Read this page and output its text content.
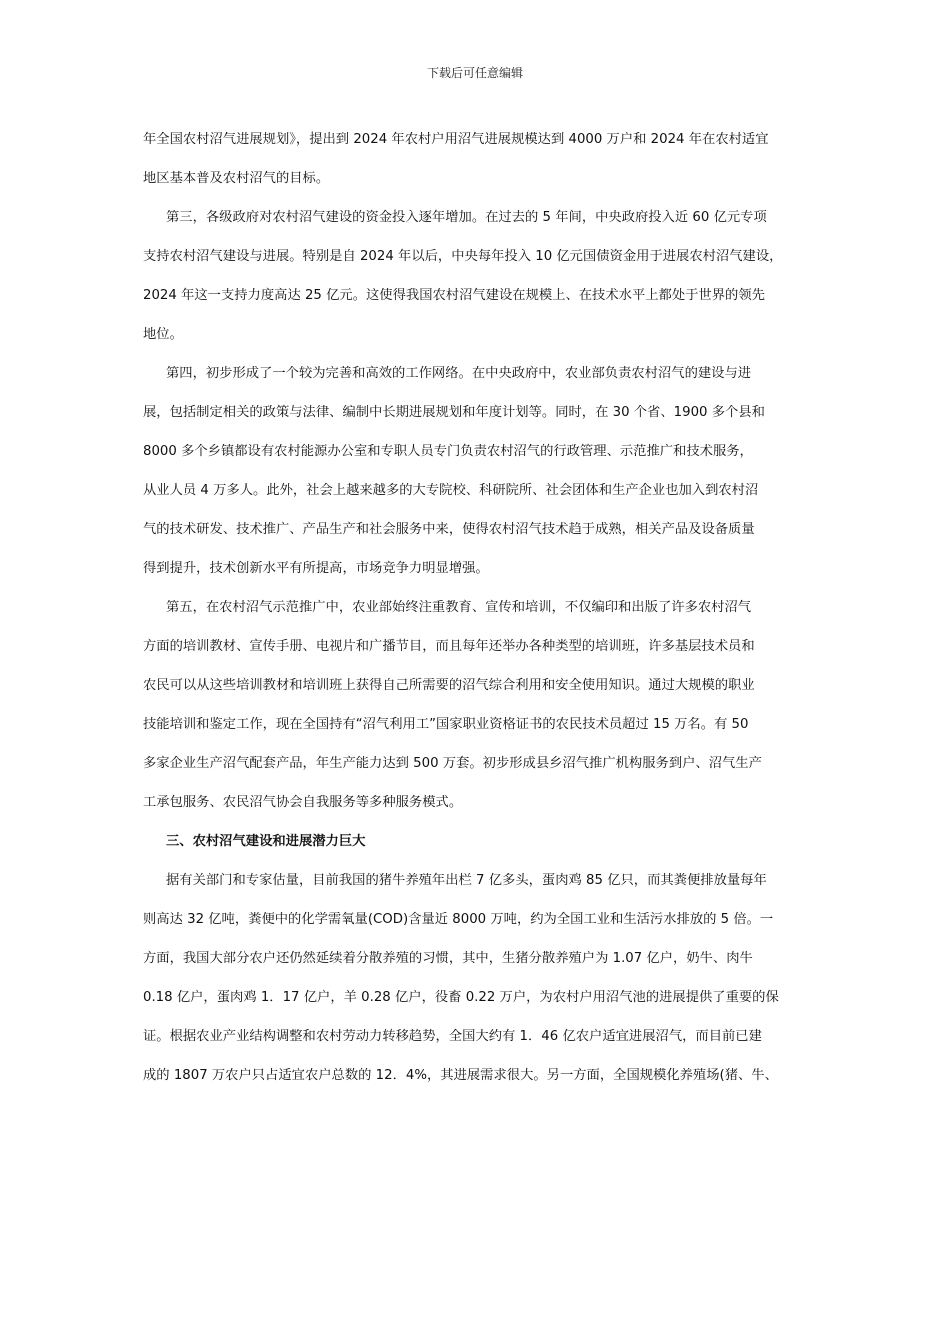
下载后可任意编辑
年全国农村沼气进展规划》，提出到 2024 年农村户用沼气进展规模达到 4000 万户和 2024 年在农村适宜
地区基本普及农村沼气的目标。
第三，各级政府对农村沼气建设的资金投入逐年增加。在过去的 5 年间，中央政府投入近 60 亿元专项
支持农村沼气建设与进展。特别是自 2024 年以后，中央每年投入 10 亿元国债资金用于进展农村沼气建设，
2024 年这一支持力度高达 25 亿元。这使得我国农村沼气建设在规模上、在技术水平上都处于世界的领先
地位。
第四，初步形成了一个较为完善和高效的工作网络。在中央政府中，农业部负责农村沼气的建设与进
展，包括制定相关的政策与法律、编制中长期进展规划和年度计划等。同时，在 30 个省、1900 多个县和
8000 多个乡镇都设有农村能源办公室和专职人员专门负责农村沼气的行政管理、示范推广和技术服务，
从业人员 4 万多人。此外，社会上越来越多的大专院校、科研院所、社会团体和生产企业也加入到农村沼
气的技术研发、技术推广、产品生产和社会服务中来，使得农村沼气技术趋于成熟，相关产品及设备质量
得到提升，技术创新水平有所提高，市场竞争力明显增强。
第五，在农村沼气示范推广中，农业部始终注重教育、宣传和培训，不仅编印和出版了许多农村沼气
方面的培训教材、宣传手册、电视片和广播节目，而且每年还举办各种类型的培训班，许多基层技术员和
农民可以从这些培训教材和培训班上获得自己所需要的沼气综合利用和安全使用知识。通过大规模的职业
技能培训和鉴定工作，现在全国持有“沼气利用工”国家职业资格证书的农民技术员超过 15 万名。有 50
多家企业生产沼气配套产品，年生产能力达到 500 万套。初步形成县乡沼气推广机构服务到户、沼气生产
工承包服务、农民沼气协会自我服务等多种服务模式。
三、农村沼气建设和进展潜力巨大
据有关部门和专家估量，目前我国的猪牛养殖年出栏 7 亿多头，蛋肉鸡 85 亿只，而其粪便排放量每年
则高达 32 亿吨，粪便中的化学需氧量(COD)含量近 8000 万吨，约为全国工业和生活污水排放的 5 倍。一
方面，我国大部分农户还仍然延续着分散养殖的习惯，其中，生猪分散养殖户为 1.07 亿户，奶牛、肉牛
0.18 亿户，蛋肉鸡 1．17 亿户，羊 0.28 亿户，役畜 0.22 万户，为农村户用沼气池的进展提供了重要的保
证。根据农业产业结构调整和农村劳动力转移趋势，全国大约有 1．46 亿农户适宜进展沼气，而目前已建
成的 1807 万农户只占适宜农户总数的 12．4%，其进展需求很大。另一方面，全国规模化养殖场(猪、牛、
